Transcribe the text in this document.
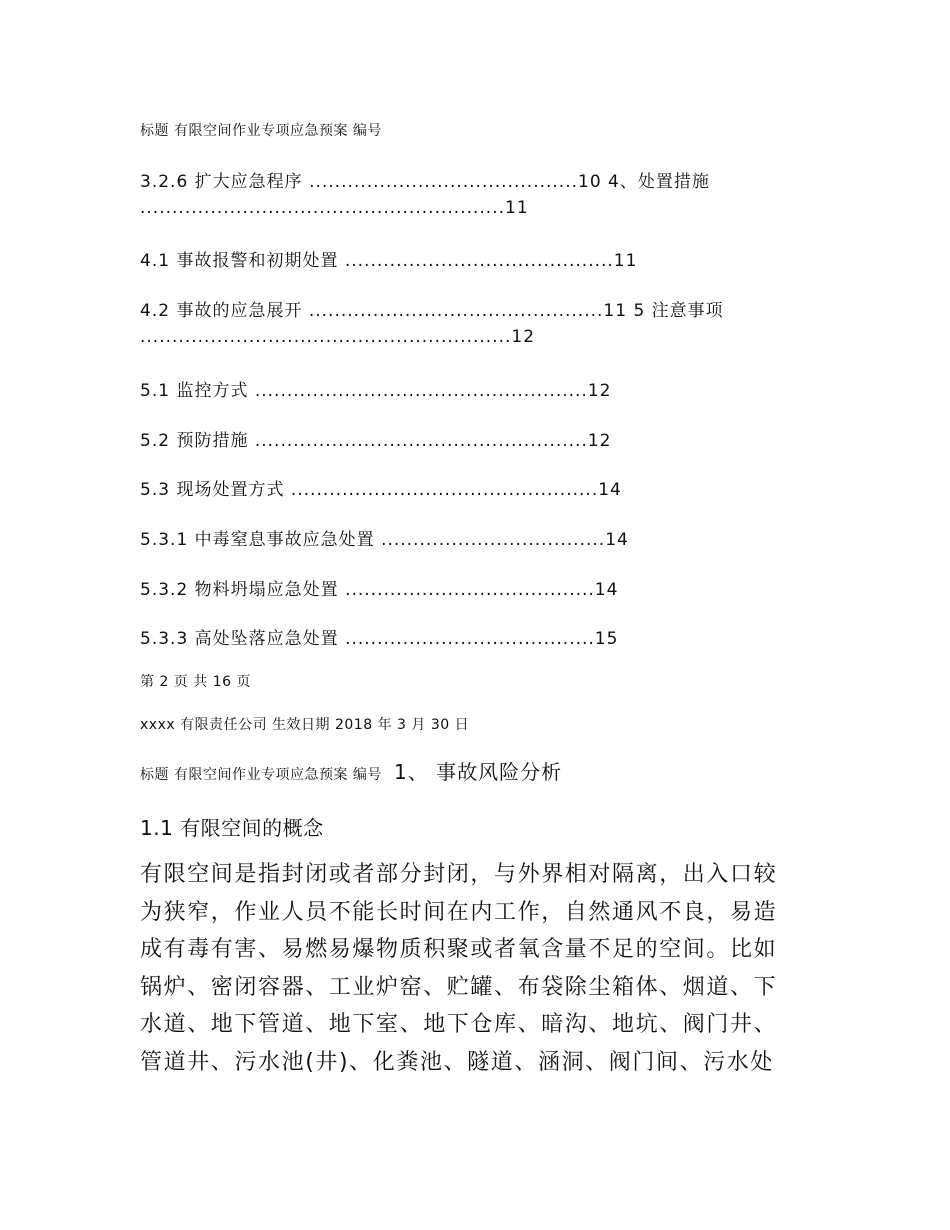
标题 有限空间作业专项应急预案 编号

3.2.6 扩大应急程序 ..........................................10 4、处置措施

.........................................................11

4.1 事故报警和初期处置 ..........................................11

4.2 事故的应急展开 ..............................................11 5 注意事项

..........................................................12

5.1 监控方式 ....................................................12

5.2 预防措施 ....................................................12

5.3 现场处置方式 ................................................14

5.3.1 中毒窒息事故应急处置 ...................................14

5.3.2 物料坍塌应急处置 .......................................14

5.3.3 高处坠落应急处置 .......................................15

第 2 页 共 16 页

xxxx 有限责任公司 生效日期 2018 年 3 月 30 日

标题 有限空间作业专项应急预案 编号 1、 事故风险分析

1.1 有限空间的概念

有限空间是指封闭或者部分封闭，与外界相对隔离，出入口较

为狭窄，作业人员不能长时间在内工作，自然通风不良，易造

成有毒有害、易燃易爆物质积聚或者氧含量不足的空间。比如

锅炉、密闭容器、工业炉窑、贮罐、布袋除尘箱体、烟道、下

水道、地下管道、地下室、地下仓库、暗沟、地坑、阀门井、

管道井、污水池(井)、化粪池、隧道、涵洞、阀门间、污水处
